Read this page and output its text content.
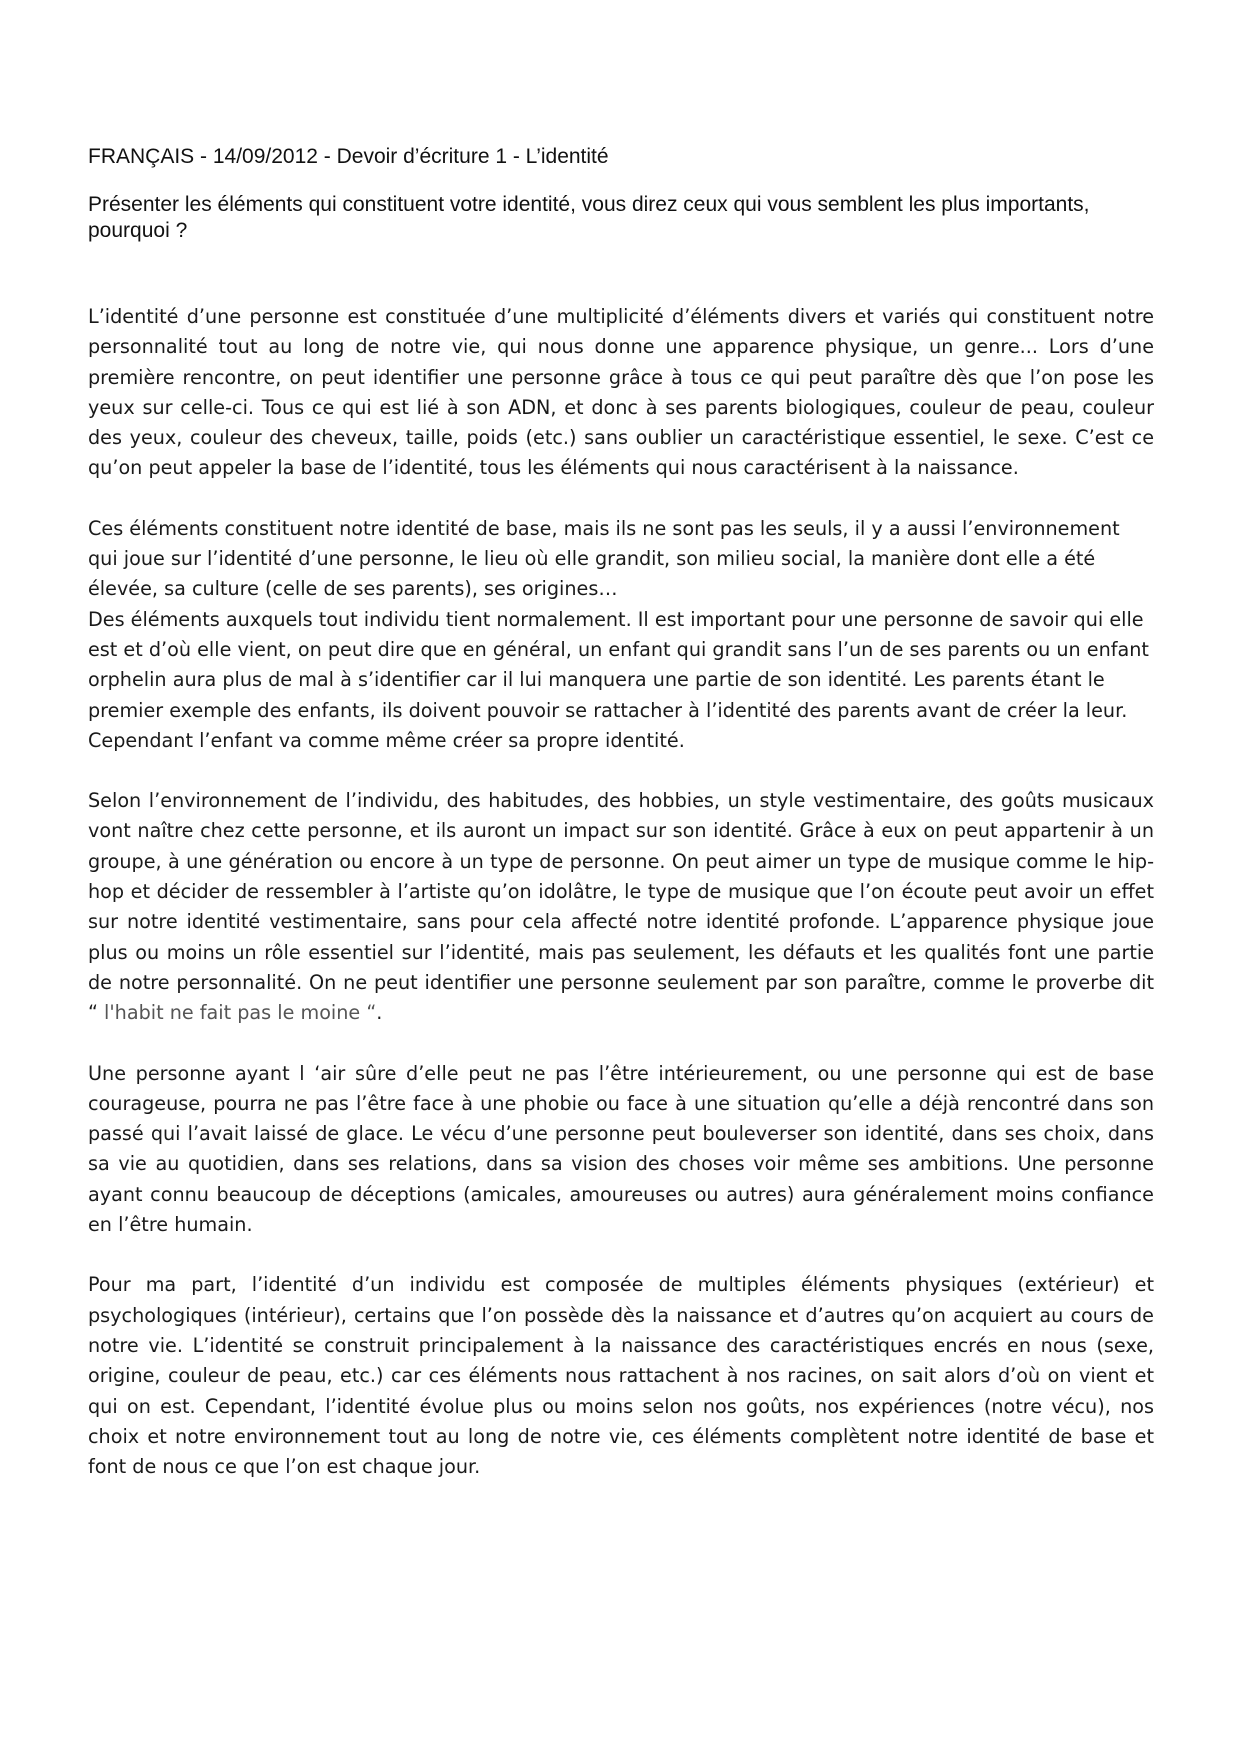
FRANÇAIS - 14/09/2012 - Devoir d’écriture 1 - L’identité

Présenter les éléments qui constituent votre identité, vous direz ceux qui vous semblent les plus importants, pourquoi ?

L’identité d’une personne est constituée d’une multiplicité d’éléments divers et variés qui constituent notre personnalité tout au long de notre vie, qui nous donne une apparence physique, un genre... Lors d’une première rencontre, on peut identifier une personne grâce à tous ce qui peut paraître dès que l’on pose les yeux sur celle-ci. Tous ce qui est lié à son ADN, et donc à ses parents biologiques, couleur de peau, couleur des yeux, couleur des cheveux, taille, poids (etc.) sans oublier un caractéristique essentiel, le sexe. C’est ce qu’on peut appeler la base de l’identité, tous les éléments qui nous caractérisent à la naissance.

Ces éléments constituent notre identité de base, mais ils ne sont pas les seuls, il y a aussi l’environnement qui joue sur l’identité d’une personne, le lieu où elle grandit, son milieu social, la manière dont elle a été élevée, sa culture (celle de ses parents), ses origines…

Des éléments auxquels tout individu tient normalement. Il est important pour une personne de savoir qui elle est et d’où elle vient, on peut dire que en général, un enfant qui grandit sans l’un de ses parents ou un enfant orphelin aura plus de mal à s’identifier car il lui manquera une partie de son identité. Les parents étant le premier exemple des enfants, ils doivent pouvoir se rattacher à l’identité des parents avant de créer la leur. Cependant l’enfant va comme même créer sa propre identité.

Selon l’environnement de l’individu, des habitudes, des hobbies, un style vestimentaire, des goûts musicaux vont naître chez cette personne, et ils auront un impact sur son identité. Grâce à eux on peut appartenir à un groupe, à une génération ou encore à un type de personne. On peut aimer un type de musique comme le hip-hop et décider de ressembler à l’artiste qu’on idolâtre, le type de musique que l’on écoute peut avoir un effet sur notre identité vestimentaire, sans pour cela affecté notre identité profonde. L’apparence physique joue plus ou moins un rôle essentiel sur l’identité, mais pas seulement, les défauts et les qualités font une partie de notre personnalité. On ne peut identifier une personne seulement par son paraître, comme le proverbe dit “ l'habit ne fait pas le moine “.

Une personne ayant l ‘air sûre d’elle peut ne pas l’être intérieurement, ou une personne qui est de base courageuse, pourra ne pas l’être face à une phobie ou face à une situation qu’elle a déjà rencontré dans son passé qui l’avait laissé de glace. Le vécu d’une personne peut bouleverser son identité, dans ses choix, dans sa vie au quotidien, dans ses relations, dans sa vision des choses voir même ses ambitions. Une personne ayant connu beaucoup de déceptions (amicales, amoureuses ou autres) aura généralement moins confiance en l’être humain.

Pour ma part, l’identité d’un individu est composée de multiples éléments physiques (extérieur) et psychologiques (intérieur), certains que l’on possède dès la naissance et d’autres qu’on acquiert au cours de notre vie. L’identité se construit principalement à la naissance des caractéristiques encrés en nous (sexe, origine, couleur de peau, etc.) car ces éléments nous rattachent à nos racines, on sait alors d’où on vient et qui on est. Cependant, l’identité évolue plus ou moins selon nos goûts, nos expériences (notre vécu), nos choix et notre environnement tout au long de notre vie, ces éléments complètent notre identité de base et font de nous ce que l’on est chaque jour.
